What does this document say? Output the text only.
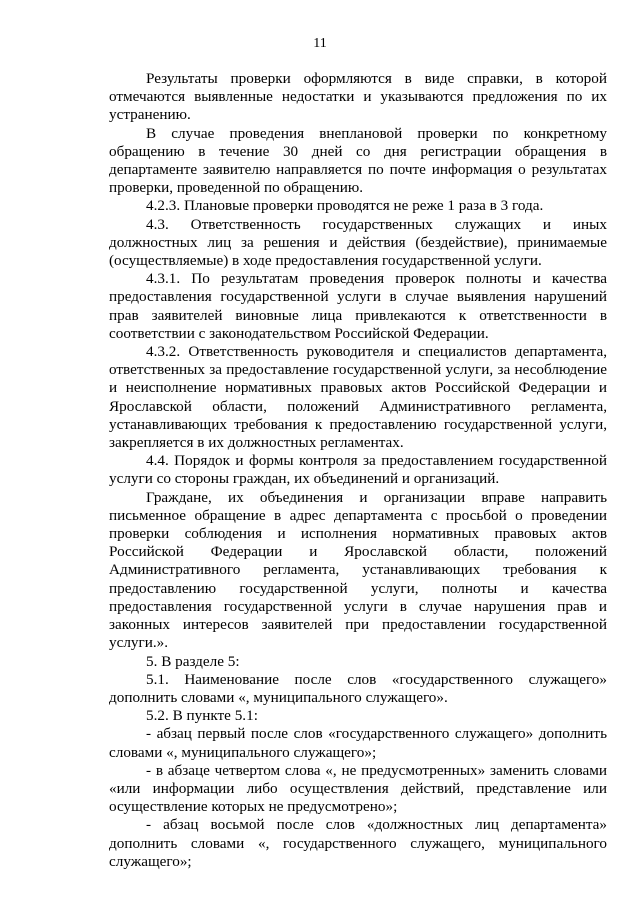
11

Результаты проверки оформляются в виде справки, в которой отмечаются выявленные недостатки и указываются предложения по их устранению.

В случае проведения внеплановой проверки по конкретному обращению в течение 30 дней со дня регистрации обращения в департаменте заявителю направляется по почте информация о результатах проверки, проведенной по обращению.

4.2.3. Плановые проверки проводятся не реже 1 раза в 3 года.

4.3. Ответственность государственных служащих и иных должностных лиц за решения и действия (бездействие), принимаемые (осуществляемые) в ходе предоставления государственной услуги.

4.3.1. По результатам проведения проверок полноты и качества предоставления государственной услуги в случае выявления нарушений прав заявителей виновные лица привлекаются к ответственности в соответствии с законодательством Российской Федерации.

4.3.2. Ответственность руководителя и специалистов департамента, ответственных за предоставление государственной услуги, за несоблюдение и неисполнение нормативных правовых актов Российской Федерации и Ярославской области, положений Административного регламента, устанавливающих требования к предоставлению государственной услуги, закрепляется в их должностных регламентах.

4.4. Порядок и формы контроля за предоставлением государственной услуги со стороны граждан, их объединений и организаций.

Граждане, их объединения и организации вправе направить письменное обращение в адрес департамента с просьбой о проведении проверки соблюдения и исполнения нормативных правовых актов Российской Федерации и Ярославской области, положений Административного регламента, устанавливающих требования к предоставлению государственной услуги, полноты и качества предоставления государственной услуги в случае нарушения прав и законных интересов заявителей при предоставлении государственной услуги.».

5. В разделе 5:

5.1. Наименование после слов «государственного служащего» дополнить словами «, муниципального служащего».

5.2. В пункте 5.1:

- абзац первый после слов «государственного служащего» дополнить словами «, муниципального служащего»;

- в абзаце четвертом слова «, не предусмотренных» заменить словами «или информации либо осуществления действий, представление или осуществление которых не предусмотрено»;

- абзац восьмой после слов «должностных лиц департамента» дополнить словами «, государственного служащего, муниципального служащего»;
